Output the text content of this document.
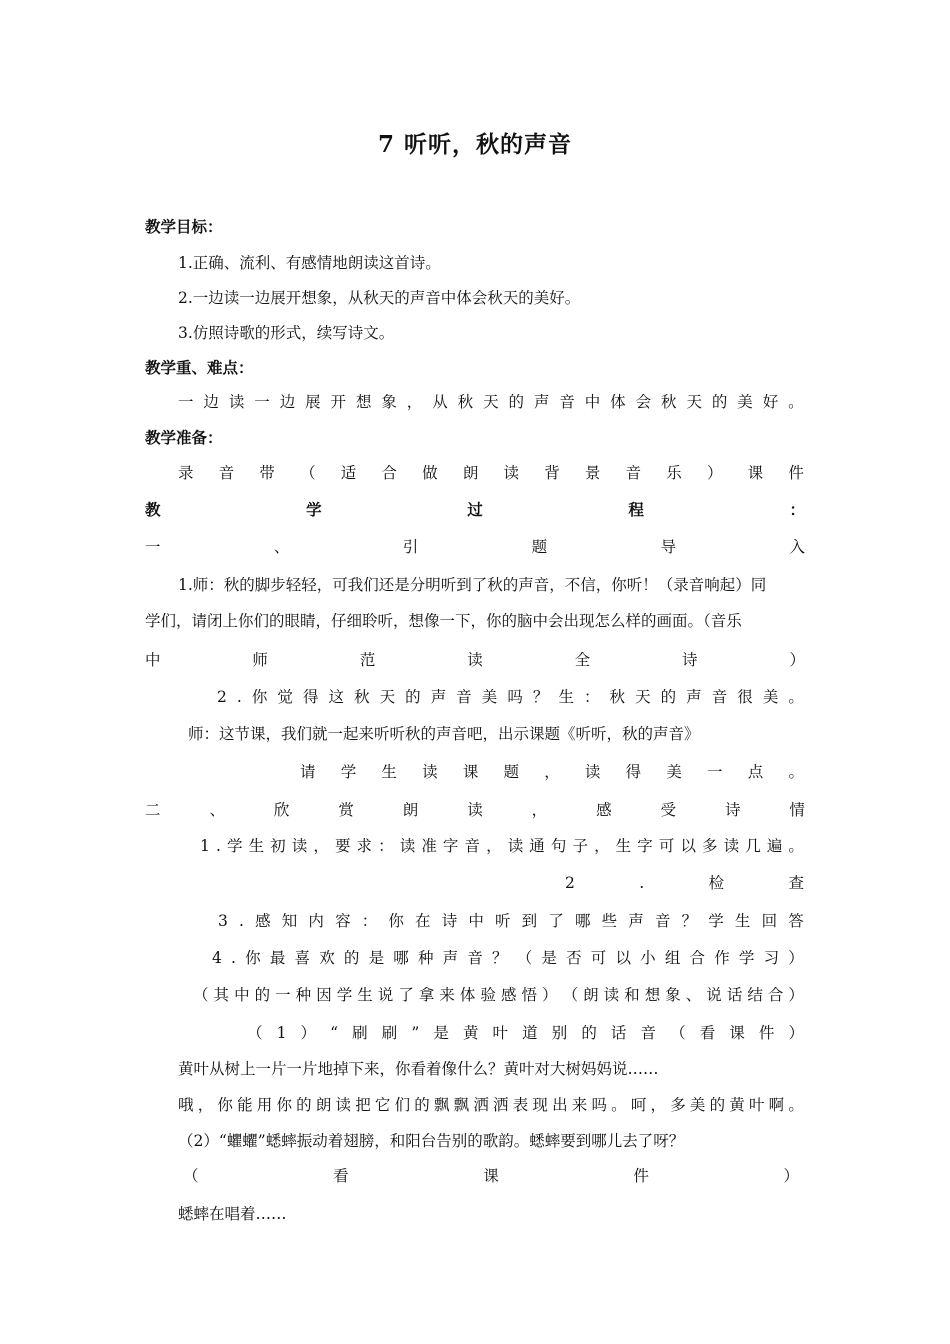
7 听听，秋的声音
教学目标：
1.正确、流利、有感情地朗读这首诗。
2.一边读一边展开想象，从秋天的声音中体会秋天的美好。
3.仿照诗歌的形式，续写诗文。
教学重、难点：
一 边 读 一 边 展 开 想 象 ， 从 秋 天 的 声 音 中 体 会 秋 天 的 美 好 。
教学准备：
录 音 带 （ 适 合 做 朗 读 背 景 音 乐 ） 课 件
教	学	过	程	：
一	、	引	题	导	入
1.师：秋的脚步轻轻，可我们还是分明听到了秋的声音，不信，你听！（录音响起）同
学们，请闭上你们的眼睛，仔细聆听，想像一下，你的脑中会出现怎么样的画面。（音乐
中	师	范	读	全	诗	）
2 . 你 觉 得 这 秋 天 的 声 音 美 吗 ？ 生 ： 秋 天 的 声 音 很 美 。
师：这节课，我们就一起来听听秋的声音吧，出示课题《听听，秋的声音》
请 学 生 读 课 题 ， 读 得 美 一 点 。
二	、	欣	赏	朗	读	，	感	受	诗	情
1 . 学 生 初 读 ， 要 求 ： 读 准 字 音 ， 读 通 句 子 ， 生 字 可 以 多 读 几 遍 。
2	.	检	查
3 . 感 知 内 容 ： 你 在 诗 中 听 到 了 哪 些 声 音 ？ 学 生 回 答
4 . 你 最 喜 欢 的 是 哪 种 声 音 ？ （ 是 否 可 以 小 组 合 作 学 习 ）
（ 其 中 的 一 种 因 学 生 说 了 拿 来 体 验 感 悟 ） （ 朗 读 和 想 象 、 说 话 结 合 ）
（ 1 ） “ 刷 刷 ” 是 黄 叶 道 别 的 话 音 （ 看 课 件 ）
黄叶从树上一片一片地掉下来，你看着像什么？黄叶对大树妈妈说……
哦 ， 你 能 用 你 的 朗 读 把 它 们 的 飘 飘 洒 洒 表 现 出 来 吗 。 呵 ， 多 美 的 黄 叶 啊 。
（2）“蠷蠷”蟋蟀振动着翅膀，和阳台告别的歌韵。蟋蟀要到哪儿去了呀？
（	看	课	件	）
蟋蟀在唱着……
